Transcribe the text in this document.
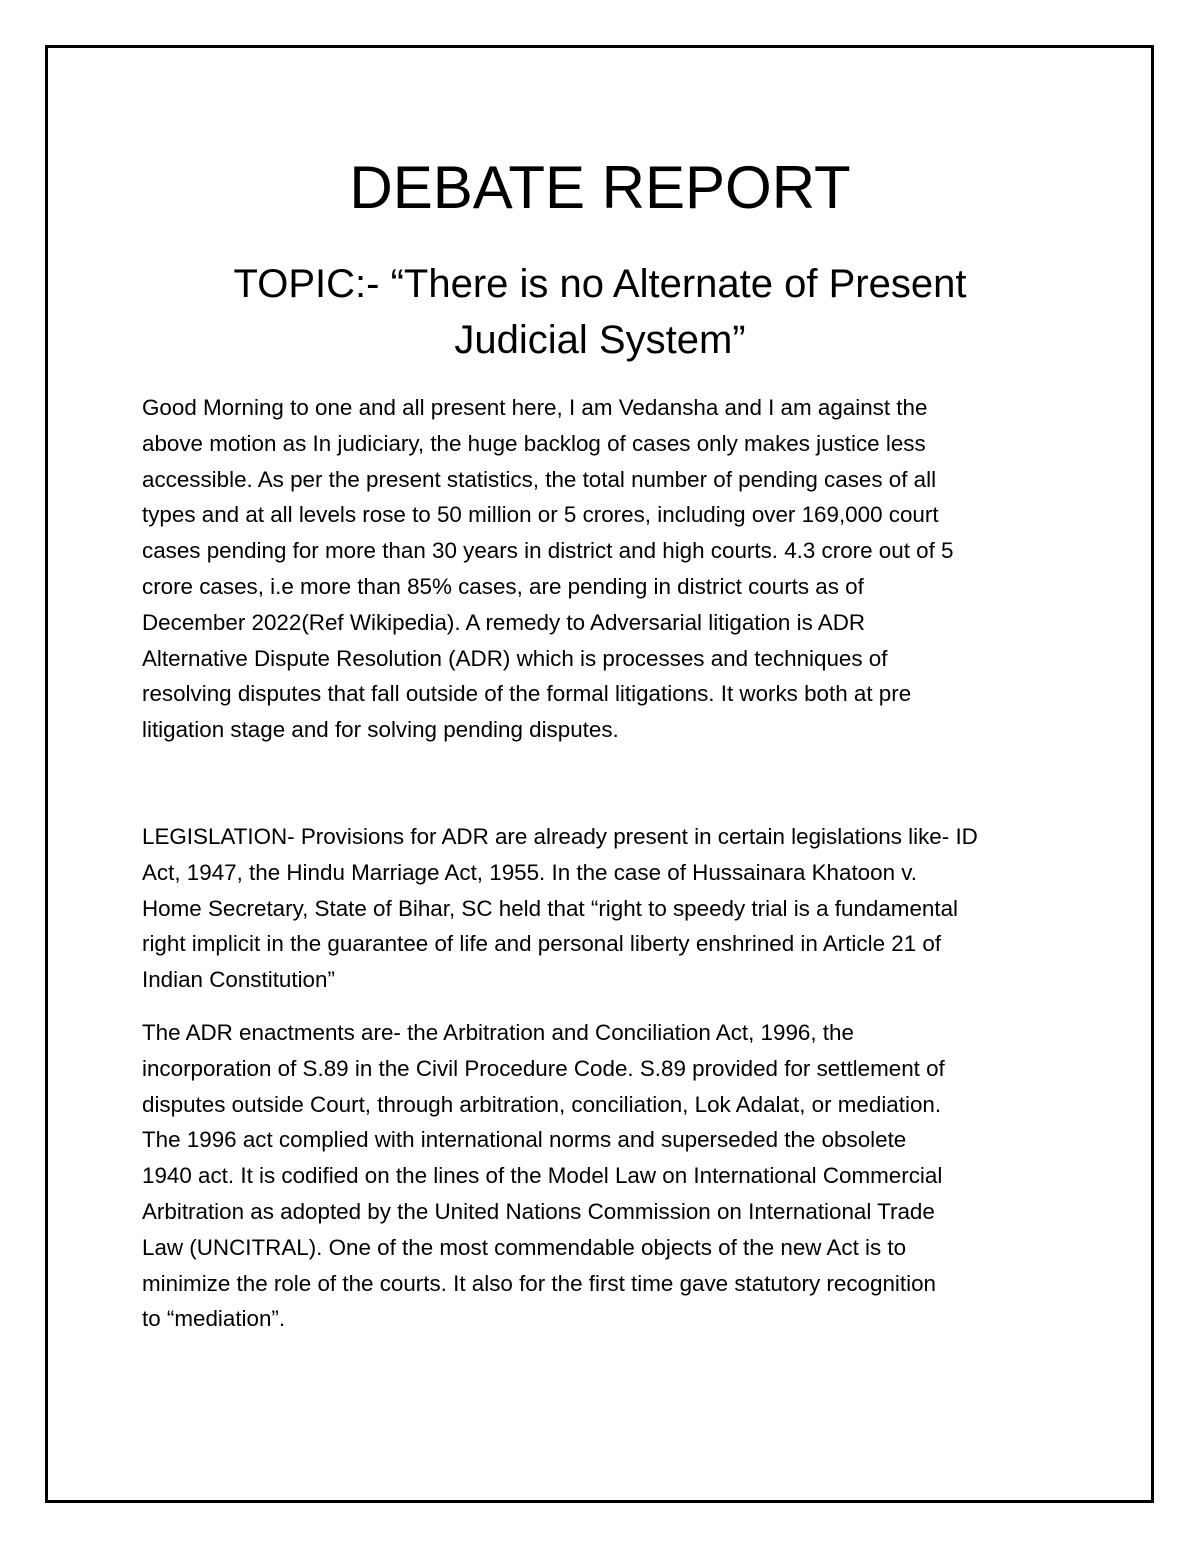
DEBATE REPORT
TOPIC:- “There is no Alternate of Present
Judicial System”
Good Morning to one and all present here, I am Vedansha and I am against the
above motion as In judiciary, the huge backlog of cases only makes justice less
accessible. As per the present statistics, the total number of pending cases of all
types and at all levels rose to 50 million or 5 crores, including over 169,000 court
cases pending for more than 30 years in district and high courts. 4.3 crore out of 5
crore cases, i.e more than 85% cases, are pending in district courts as of
December 2022(Ref Wikipedia). A remedy to Adversarial litigation is ADR
Alternative Dispute Resolution (ADR) which is processes and techniques of
resolving disputes that fall outside of the formal litigations. It works both at pre
litigation stage and for solving pending disputes.
LEGISLATION- Provisions for ADR are already present in certain legislations like- ID
Act, 1947, the Hindu Marriage Act, 1955. In the case of Hussainara Khatoon v.
Home Secretary, State of Bihar, SC held that “right to speedy trial is a fundamental
right implicit in the guarantee of life and personal liberty enshrined in Article 21 of
Indian Constitution”
The ADR enactments are- the Arbitration and Conciliation Act, 1996, the
incorporation of S.89 in the Civil Procedure Code. S.89 provided for settlement of
disputes outside Court, through arbitration, conciliation, Lok Adalat, or mediation.
The 1996 act complied with international norms and superseded the obsolete
1940 act. It is codified on the lines of the Model Law on International Commercial
Arbitration as adopted by the United Nations Commission on International Trade
Law (UNCITRAL). One of the most commendable objects of the new Act is to
minimize the role of the courts. It also for the first time gave statutory recognition
to “mediation”.
